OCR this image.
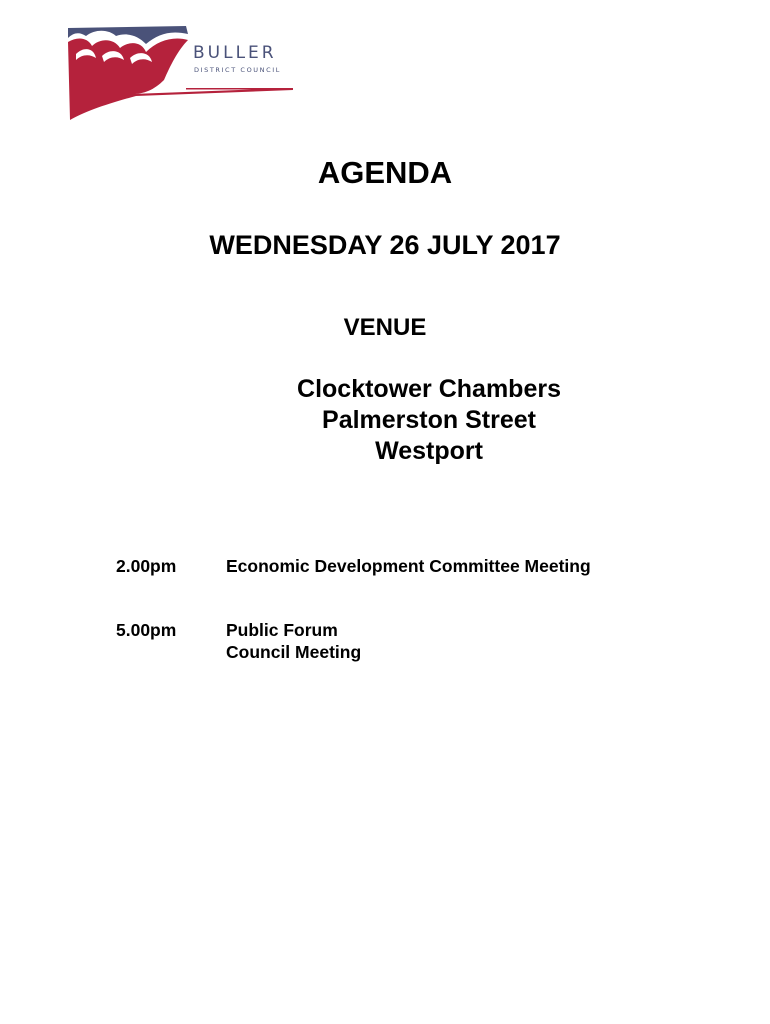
BULLER
DISTRICT COUNCIL
AGENDA
WEDNESDAY 26 JULY 2017
VENUE
Clocktower Chambers
Palmerston Street
Westport
2.00pm	Economic Development Committee Meeting
5.00pm	Public Forum
Council Meeting
